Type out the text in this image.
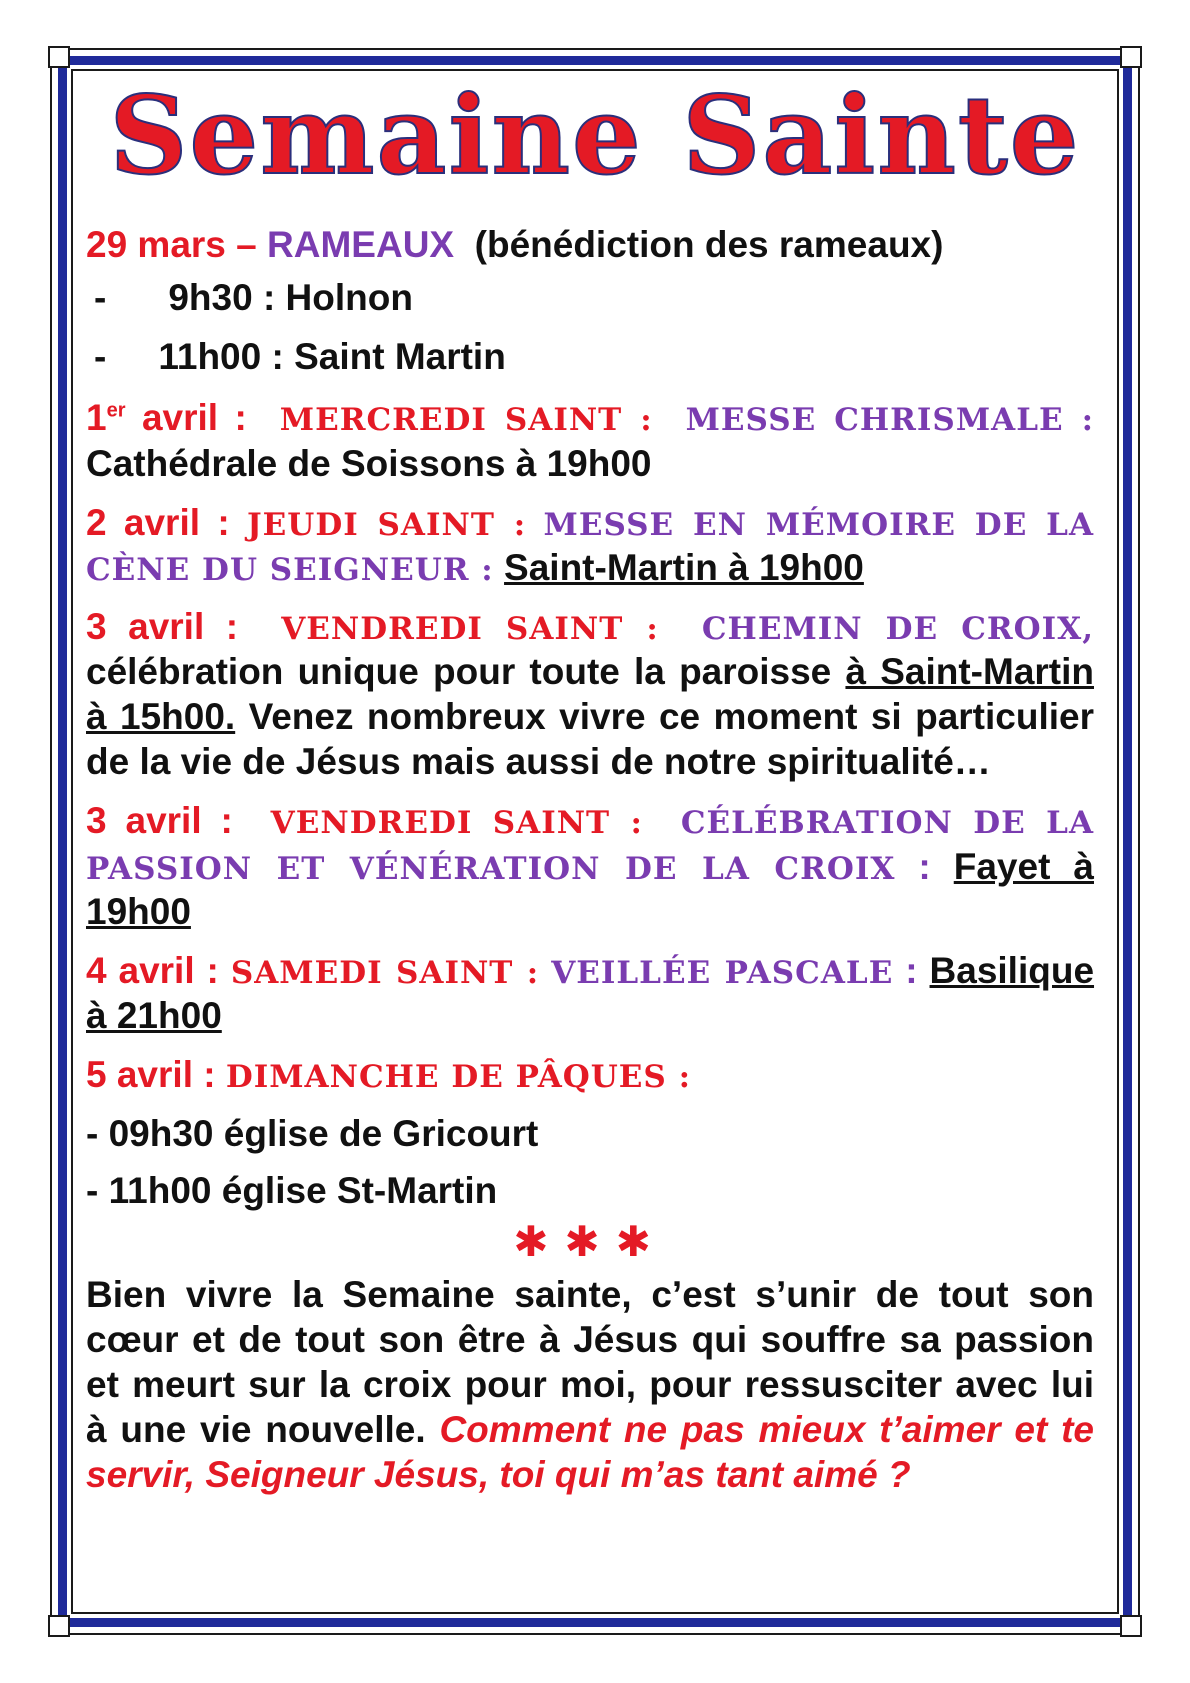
Semaine Sainte

29 mars – RAMEAUX (bénédiction des rameaux)

- 9h30 : Holnon

- 11h00 : Saint Martin

1er avril : MERCREDI SAINT : MESSE CHRISMALE : Cathédrale de Soissons à 19h00

2 avril : JEUDI SAINT : MESSE EN MÉMOIRE DE LA CÈNE DU SEIGNEUR : Saint-Martin à 19h00

3 avril : VENDREDI SAINT : CHEMIN DE CROIX, célébration unique pour toute la paroisse à Saint-Martin à 15h00. Venez nombreux vivre ce moment si particulier de la vie de Jésus mais aussi de notre spiritualité…

3 avril : VENDREDI SAINT : CÉLÉBRATION DE LA PASSION ET VÉNÉRATION DE LA CROIX : Fayet à 19h00

4 avril : SAMEDI SAINT : VEILLÉE PASCALE : Basilique à 21h00

5 avril : DIMANCHE DE PÂQUES :

- 09h30 église de Gricourt

- 11h00 église St-Martin

✱✱✱

Bien vivre la Semaine sainte, c’est s’unir de tout son cœur et de tout son être à Jésus qui souffre sa passion et meurt sur la croix pour moi, pour ressusciter avec lui à une vie nouvelle. Comment ne pas mieux t’aimer et te servir, Seigneur Jésus, toi qui m’as tant aimé ?
